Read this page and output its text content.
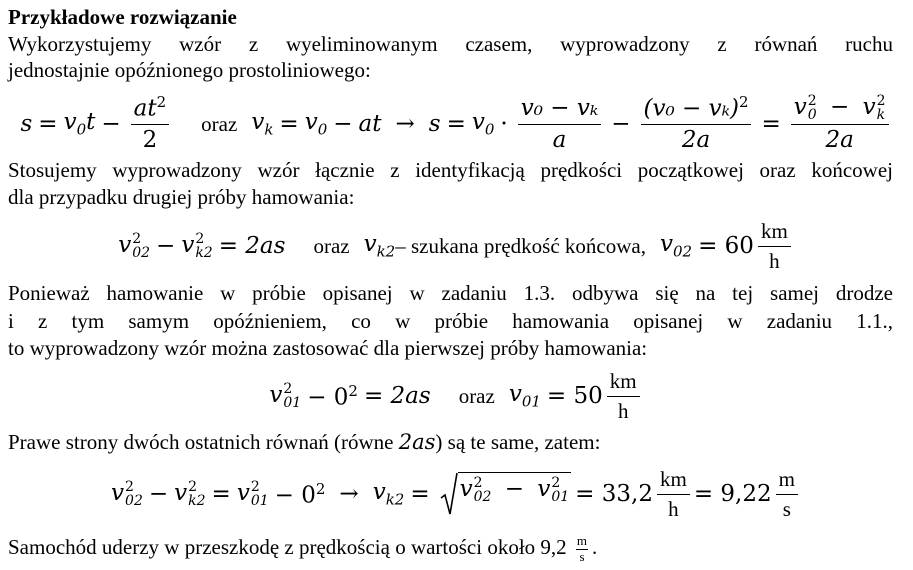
Przykładowe rozwiązanie
Wykorzystujemy wzór z wyeliminowanym czasem, wyprowadzony z równań ruchu
jednostajnie opóźnionego prostoliniowego:
$s = v_0t - \frac{at^2}{2}$ oraz $v_k = v_0$ − at → $s = v_0 \cdot \frac{\text{v₀ − vₖ}}{a} - \frac{(v_0 - v_k)^2}{2a} = v$ 2
0 − v 2
k
2a
Stosujemy wyprowadzony wzór łącznie z identyfikacją prędkości początkowej oraz końcowej
dla przypadku drugiej próby hamowania:
v 2
02 − v 2
k2 = 2as oraz $v_{k2}$ – szukana prędkość końcowa, $v_{02} = 60 \frac{km}{h}$
Ponieważ hamowanie w próbie opisanej w zadaniu 1.3. odbywa się na tej samej drodze
i z tym samym opóźnieniem, co w próbie hamowania opisanej w zadaniu 1.1.,
to wyprowadzony wzór można zastosować dla pierwszej próby hamowania:
v 2
$01 - 0^2 = 2as$ oraz $v_{01} = 50 \frac{km}{h}$
Prawe strony dwóch ostatnich równań (równe 2as) są te same, zatem:
v 2
02 − v 2
k2 = v 2
$01 - 0^2 \to v_{k2} = v$ 2
02 − v 2
$01 = 33,2 \frac{km}{h} = 9,22 \frac{m}{s}$
Samochód uderzy w przeszkodę z prędkością o wartości około $9,2 \frac{m}{s}$ .
